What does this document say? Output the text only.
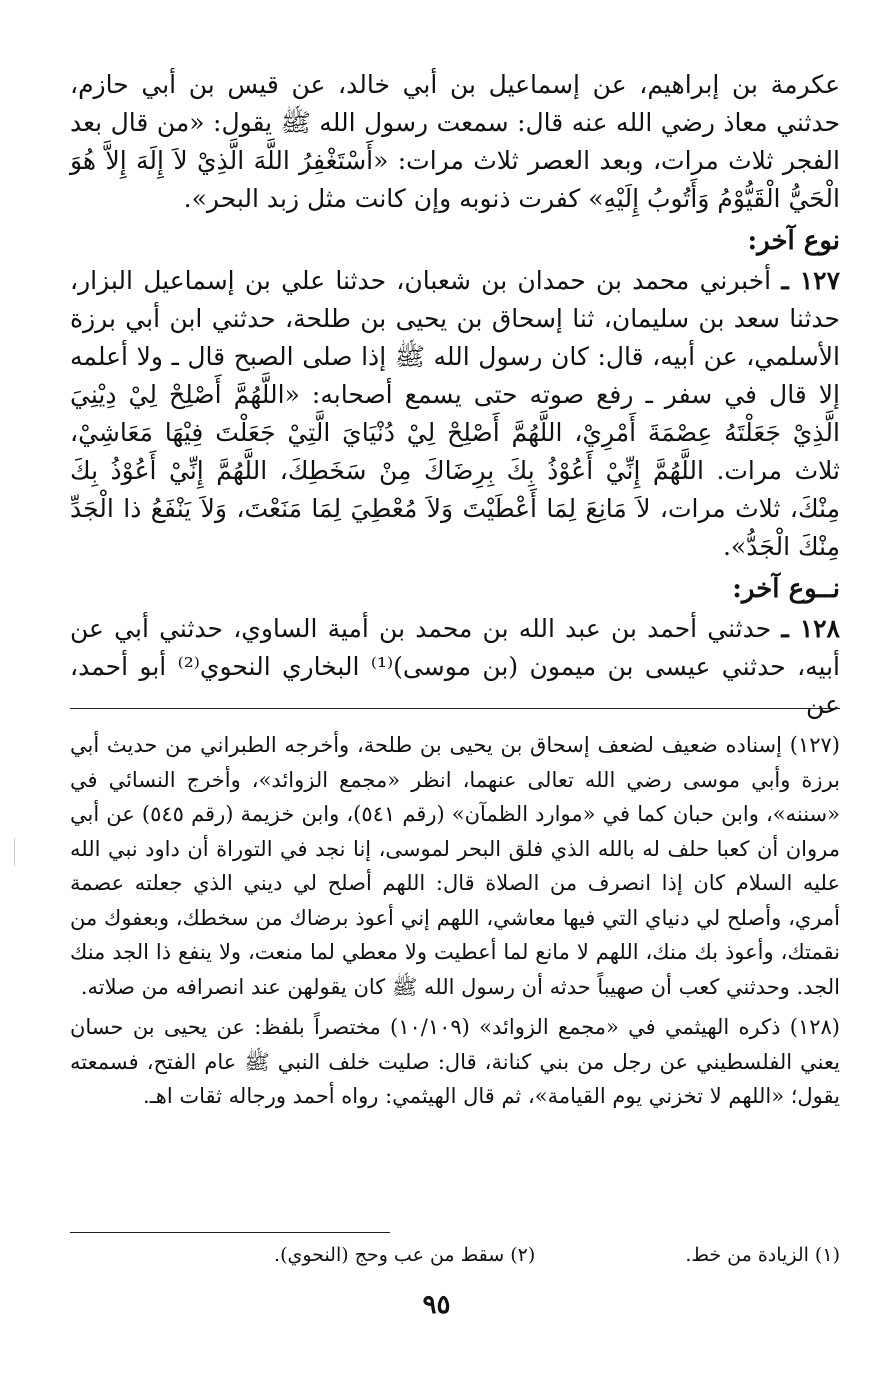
عكرمة بن إبراهيم، عن إسماعيل بن أبي خالد، عن قيس بن أبي حازم، حدثني معاذ رضي الله عنه قال: سمعت رسول الله ﷺ يقول: «من قال بعد الفجر ثلاث مرات، وبعد العصر ثلاث مرات: «أَسْتَغْفِرُ اللَّهَ الَّذِيْ لاَ إِلَهَ إِلاَّ هُوَ الْحَيُّ الْقَيُّوْمُ وَأَتُوبُ إِلَيْهِ» كفرت ذنوبه وإن كانت مثل زبد البحر».

نوع آخر:

١٢٧ ـ أخبرني محمد بن حمدان بن شعبان، حدثنا علي بن إسماعيل البزار، حدثنا سعد بن سليمان، ثنا إسحاق بن يحيى بن طلحة، حدثني ابن أبي برزة الأسلمي، عن أبيه، قال: كان رسول الله ﷺ إذا صلى الصبح قال ـ ولا أعلمه إلا قال في سفر ـ رفع صوته حتى يسمع أصحابه: «اللَّهُمَّ أَصْلِحْ لِيْ دِيْنِيَ الَّذِيْ جَعَلْتَهُ عِصْمَةَ أَمْرِيْ، اللَّهُمَّ أَصْلِحْ لِيْ دُنْيَايَ الَّتِيْ جَعَلْتَ فِيْهَا مَعَاشِيْ، ثلاث مرات. اللَّهُمَّ إِنِّيْ أَعُوْذُ بِكَ بِرِضَاكَ مِنْ سَخَطِكَ، اللَّهُمَّ إِنِّيْ أَعُوْذُ بِكَ مِنْكَ، ثلاث مرات، لاَ مَانِعَ لِمَا أَعْطَيْتَ وَلاَ مُعْطِيَ لِمَا مَنَعْتَ، وَلاَ يَنْفَعُ ذا الْجَدِّ مِنْكَ الْجَدُّ».

نــوع آخر:

١٢٨ ـ حدثني أحمد بن عبد الله بن محمد بن أمية الساوي، حدثني أبي عن أبيه، حدثني عيسى بن ميمون (بن موسى)⁽¹⁾ البخاري النحوي⁽²⁾ أبو أحمد، عن

(١٢٧) إسناده ضعيف لضعف إسحاق بن يحيى بن طلحة، وأخرجه الطبراني من حديث أبي برزة وأبي موسى رضي الله تعالى عنهما، انظر «مجمع الزوائد»، وأخرج النسائي في «سننه»، وابن حبان كما في «موارد الظمآن» (رقم ٥٤١)، وابن خزيمة (رقم ٥٤٥) عن أبي مروان أن كعبا حلف له بالله الذي فلق البحر لموسى، إنا نجد في التوراة أن داود نبي الله عليه السلام كان إذا انصرف من الصلاة قال: اللهم أصلح لي ديني الذي جعلته عصمة أمري، وأصلح لي دنياي التي فيها معاشي، اللهم إني أعوذ برضاك من سخطك، وبعفوك من نقمتك، وأعوذ بك منك، اللهم لا مانع لما أعطيت ولا معطي لما منعت، ولا ينفع ذا الجد منك الجد. وحدثني كعب أن صهيباً حدثه أن رسول الله ﷺ كان يقولهن عند انصرافه من صلاته.

(١٢٨) ذكره الهيثمي في «مجمع الزوائد» (١٠/١٠٩) مختصراً بلفظ: عن يحيى بن حسان يعني الفلسطيني عن رجل من بني كنانة، قال: صليت خلف النبي ﷺ عام الفتح، فسمعته يقول؛ «اللهم لا تخزني يوم القيامة»، ثم قال الهيثمي: رواه أحمد ورجاله ثقات اهـ.

(١) الزيادة من خط.
(٢) سقط من عب وحج (النحوي).
٩٥
